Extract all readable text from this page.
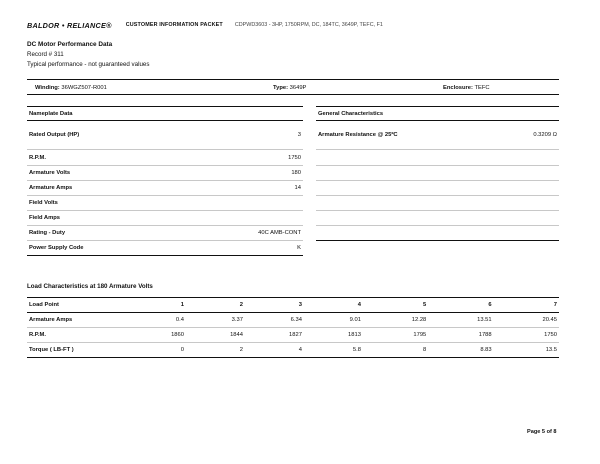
BALDOR • RELIANCE®	CUSTOMER INFORMATION PACKET CDPWD3603 - 3HP, 1750RPM, DC, 184TC, 3649P, TEFC, F1
DC Motor Performance Data
Record # 311
Typical performance - not guaranteed values
Winding: 36WGZ507-R001	Type: 3649P	Enclosure: TEFC
Nameplate Data
Rated Output (HP)	3
R.P.M.	1750
Armature Volts	180
Armature Amps	14
Field Volts
Field Amps
Rating - Duty	40C AMB-CONT
Power Supply Code	K
General Characteristics
Armature Resistance @ 25ºC	0.3209 Ω
Load Characteristics at 180 Armature Volts
Load Point	1	2	3	4	5	6	7
Armature Amps	0.4	3.37	6.34	9.01	12.28	13.51	20.45
R.P.M.	1860	1844	1827	1813	1795	1788	1750
Torque ( LB-FT )	0	2	4	5.8	8	8.83	13.5
Page 5 of 8
